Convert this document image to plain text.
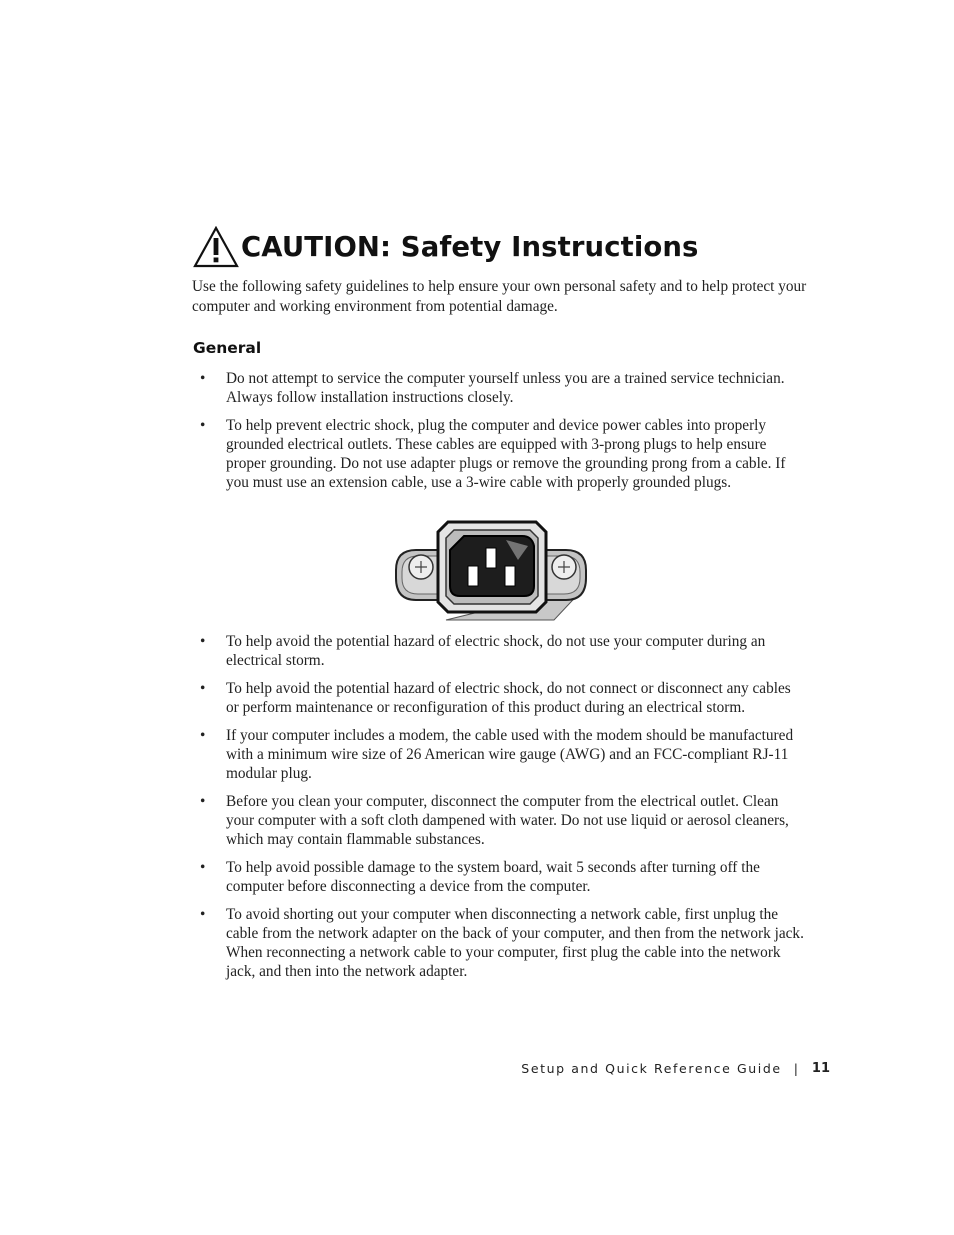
CAUTION: Safety Instructions

Use the following safety guidelines to help ensure your own personal safety and to help protect your computer and working environment from potential damage.

General
• Do not attempt to service the computer yourself unless you are a trained service technician. Always follow installation instructions closely.
• To help prevent electric shock, plug the computer and device power cables into properly grounded electrical outlets. These cables are equipped with 3-prong plugs to help ensure proper grounding. Do not use adapter plugs or remove the grounding prong from a cable. If you must use an extension cable, use a 3-wire cable with properly grounded plugs.
• To help avoid the potential hazard of electric shock, do not use your computer during an electrical storm.
• To help avoid the potential hazard of electric shock, do not connect or disconnect any cables or perform maintenance or reconfiguration of this product during an electrical storm.
• If your computer includes a modem, the cable used with the modem should be manufactured with a minimum wire size of 26 American wire gauge (AWG) and an FCC-compliant RJ-11 modular plug.
• Before you clean your computer, disconnect the computer from the electrical outlet. Clean your computer with a soft cloth dampened with water. Do not use liquid or aerosol cleaners, which may contain flammable substances.
• To help avoid possible damage to the system board, wait 5 seconds after turning off the computer before disconnecting a device from the computer.
• To avoid shorting out your computer when disconnecting a network cable, first unplug the cable from the network adapter on the back of your computer, and then from the network jack. When reconnecting a network cable to your computer, first plug the cable into the network jack, and then into the network adapter.
Setup and Quick Reference Guide | 11
